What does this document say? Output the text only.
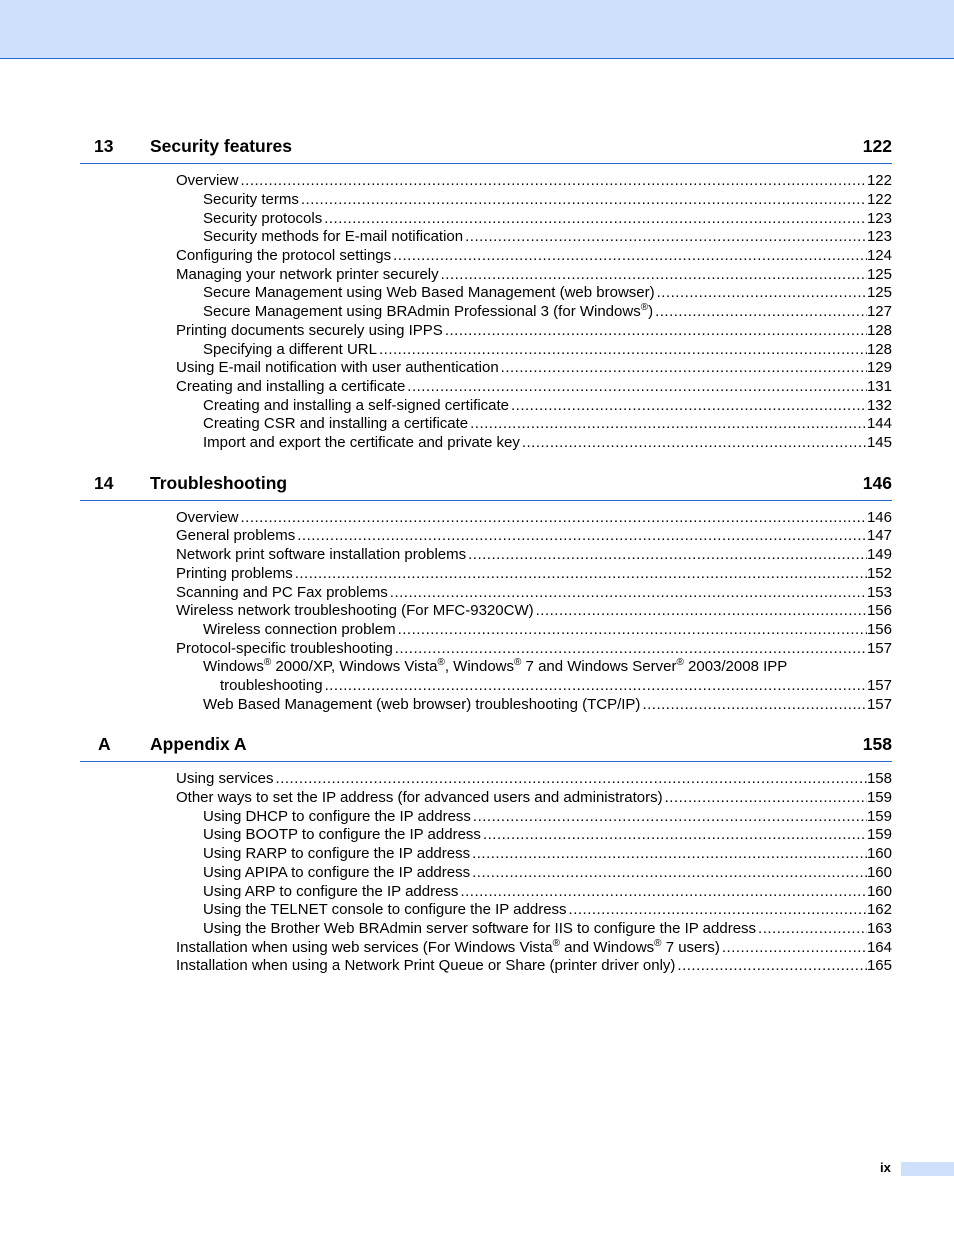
13 Security features	122
Overview .....	122
Security terms .....	122
Security protocols .....	123
Security methods for E-mail notification .....	123
Configuring the protocol settings .....	124
Managing your network printer securely .....	125
Secure Management using Web Based Management (web browser) .....	125
Secure Management using BRAdmin Professional 3 (for Windows®) .....	127
Printing documents securely using IPPS .....	128
Specifying a different URL .....	128
Using E-mail notification with user authentication .....	129
Creating and installing a certificate .....	131
Creating and installing a self-signed certificate .....	132
Creating CSR and installing a certificate .....	144
Import and export the certificate and private key .....	145
14 Troubleshooting	146
Overview .....	146
General problems .....	147
Network print software installation problems .....	149
Printing problems .....	152
Scanning and PC Fax problems .....	153
Wireless network troubleshooting (For MFC-9320CW) .....	156
Wireless connection problem .....	156
Protocol-specific troubleshooting .....	157
Windows® 2000/XP, Windows Vista®, Windows® 7 and Windows Server® 2003/2008 IPP
troubleshooting .....	157
Web Based Management (web browser) troubleshooting (TCP/IP) .....	157
A Appendix A	158
Using services .....	158
Other ways to set the IP address (for advanced users and administrators) .....	159
Using DHCP to configure the IP address .....	159
Using BOOTP to configure the IP address .....	159
Using RARP to configure the IP address .....	160
Using APIPA to configure the IP address .....	160
Using ARP to configure the IP address .....	160
Using the TELNET console to configure the IP address .....	162
Using the Brother Web BRAdmin server software for IIS to configure the IP address .....	163
Installation when using web services (For Windows Vista® and Windows® 7 users) .....	164
Installation when using a Network Print Queue or Share (printer driver only) .....	165
ix
